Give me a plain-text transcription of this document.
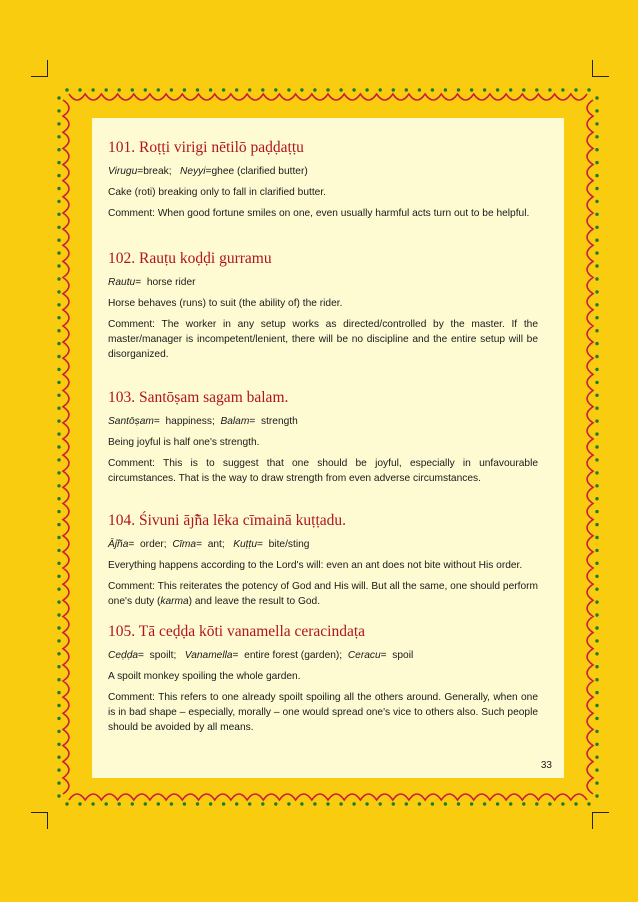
101. Roṭṭi virigi nētilō paḍḍaṭṭu

Virugu=break; Neyyi=ghee (clarified butter)

Cake (roti) breaking only to fall in clarified butter.

Comment: When good fortune smiles on one, even usually harmful acts turn out to be helpful.

102. Rauṭu koḍḍi gurramu

Rautu=  horse rider

Horse behaves (runs) to suit (the ability of) the rider.

Comment: The worker in any setup works as directed/controlled by the master. If the master/manager is incompetent/lenient, there will be no discipline and the entire setup will be disorganized.

103. Santōṣam sagam balam.

Santōṣam=  happiness; Balam=  strength

Being joyful is half one's strength.

Comment: This is to suggest that one should be joyful, especially in unfavourable circumstances. That is the way to draw strength from even adverse circumstances.

104. Śivuni āȷ̃ña lēka cīmainā kuṭṭadu.

Āȷ̃ña=  order; Cīma=  ant; Kuṭṭu=  bite/sting

Everything happens according to the Lord's will: even an ant does not bite without His order.

Comment: This reiterates the potency of God and His will. But all the same, one should perform one's duty (karma) and leave the result to God.

105. Tā ceḍḍa kōti vanamella ceracindaṭa

Ceḍḍa=  spoilt; Vanamella=  entire forest (garden); Ceracu=  spoil

A spoilt monkey spoiling the whole garden.

Comment: This refers to one already spoilt spoiling all the others around. Generally, when one is in bad shape – especially, morally – one would spread one's vice to others also. Such people should be avoided by all means.

33
